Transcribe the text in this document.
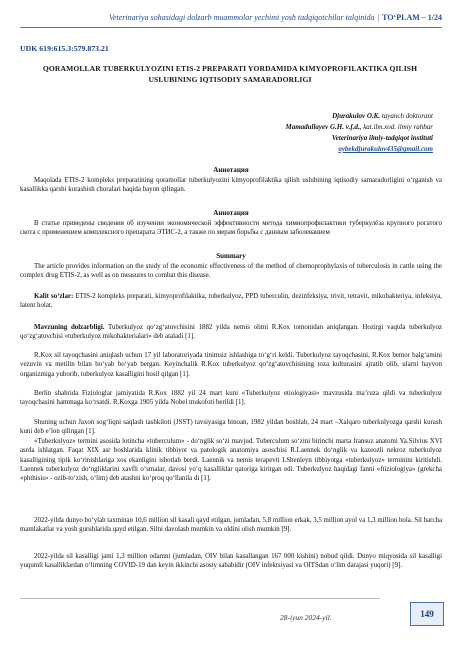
Veterinariya sohasidagi dolzarb muammolar yechimi yosh tadqiqotchilar talqinida | TO‘PLAM – 1/24
UDK 619:615.3:579.873.21
QORAMOLLAR TUBERKULYOZINI ETIS-2 PREPARATI YORDAMIDA KIMYOPROFILAKTIKA QILISH USLUBINING IQTISODIY SAMARADORLIGI
Djurakulov O.K. tayanch doktorant
Mamadullayev G.H. v.f.d., kat.ilm.xod. ilmiy rahbar
Veterinariya ilmiy-tadqiqot instituti
oybekdjurakulov435@gmail.com
Аннотация
Maqolada ETIS-2 kompleks preparatining qoramollar tuberkulyozini kimyoprofilaktika qilish uslubining iqtisodiy samaradorligini o‘rganish va kasallikka qarshi kurashish choralari haqida bayon qilingan.
Аннотация
В статье приведены сведения об изучении экономической эффективности метода химиопрофилактики туберкулёза крупного рогатого скота с применением комплексного препарата ЭТИС-2, а также по мерам борьбы с данным заболеванием
Summary
The article provides information on the study of the economic effectiveness of the method of chemoprophylaxis of tuberculosis in cattle using the complex drug ETIS-2, as well as on measures to combat this disease.
Kalit so‘zlar: ETIS-2 kompleks preparati, kimyoprofilaktika, tuberkulyoz, PPD tuberculin, dezinfeksiya, trivit, tetravit, mikobakteriya, infeksiya, latent holat.
Mavzuning dolzarbligi. Tuberkulyoz qo‘zg‘atuvchisini 1882 yilda nemis olimi R.Kox tomonidan aniqlangan. Hozirgi vaqtda tuberkulyoz qo‘zg‘atuvchisi «tuberkulyoz mikobakterialari» deb ataladi [1].
R.Kox sil tayoqchasini aniqlash uchun 17 yil laboratoriyada tinimsiz ishlashiga to‘g‘ri keldi. Tuberkulyoz tayoqchasini, R.Kox bemor balg‘amini vezuvin va metilin bilan bo‘yab bo‘yab bergan. Keyinchalik R.Kox tuberkulyoz qo‘zg‘atuvchisining toza kulturasini ajratib olib, ularni hayvon organizmiga yuborib, tuberkulyoz kasalligini hosil qilgan [1].
Berlin shahrida Fiziologlar jamiyatida R.Kox 1882 yil 24 mart kuni «Tuberkulyoz etiologiyasi» mavzusida ma’ruza qildi va tuberkulyoz tayoqchasini hammaga ko‘rsatdi. R.Koxga 1905 yilda Nobel mukofoti berildi [1].
Shuning uchun Jaxon sog‘liqni saqlash tashkiloti (JSST) tavsiyasiga binoan, 1982 yildan boshlab, 24 mart –Xalqaro tuberkulyozga qarshi kurash kuni deb e’lon qilingan [1].
«Tuberkulyoz» termini asosida lotincha «tuberculum» - do‘nglik so‘zi mavjud. Tuberculum so‘zini birinchi marta fransuz anatomi Ya.Silvius XVI asrda ishlatgan. Faqat XIX asr boshlarida klinik tibbiyot va patologik anatomiya asoschisi R.Laennek do‘nglik va kazeozli nekroz tuberkulyoz kasalligining tipik ko‘rinishlariga xos ekanligini isbotlab berdi. Laennik va nemis terapevti I.Shenleyn tibbiyotga «tuberkulyoz» terminini kiritishdi. Laennek tuberkulyoz do‘ngliklarini xavfli o‘smalar, davosi yo‘q kasalliklar qatoriga kiritgan edi. Tuberkulyoz haqidagi fanni «ftiziologiya» (grekcha «phthisis» - ozib-to‘zish, o‘lim) deb atashni ko‘proq qo‘llanila di [1].
2022-yilda dunyo bo‘ylab taxminan 10,6 million sil kasali qayd etilgan, jumladan, 5,8 million erkak, 3,5 million ayol va 1,3 million bola. Sil barcha mamlakatlar va yosh guruhlarida qayd etilgan. Silni davolash mumkin va oldini olish mumkin [9].
2022-yilda sil kasalligi jami 1,3 million odamni (jumladan, OIV bilan kasallangan 167 000 kishini) nobud qildi. Dunyo miqyosida sil kasalligi yuqumli kasalliklardan o‘limning COVID-19 dan keyin ikkinchi asosiy sababidir (OIV infektsiyasi va OITSdan o‘lim darajasi yuqori) [9].
28-iyun 2024-yil.	149
